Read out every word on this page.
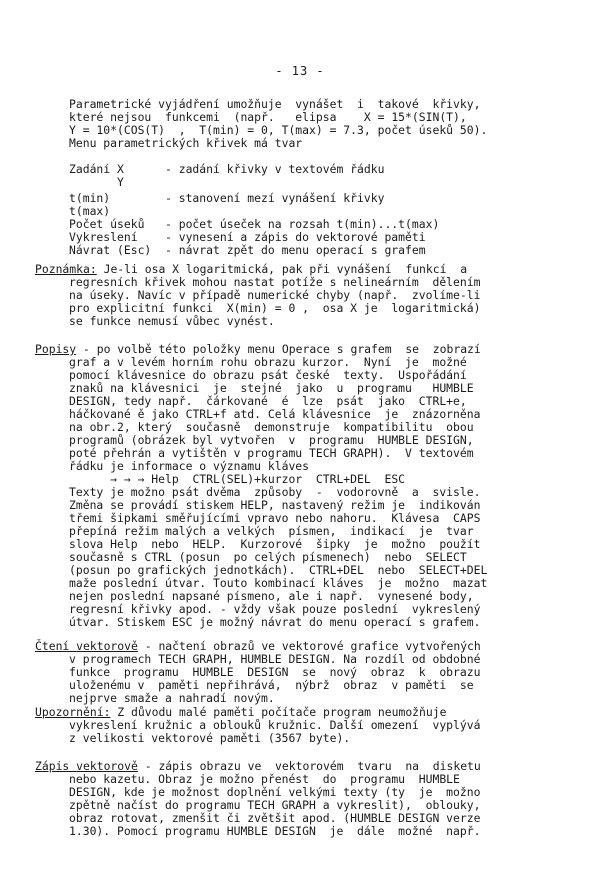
- 13 -
Parametrické vyjádření umožňuje  vynášet  i  takové  křivky,
které nejsou  funkcemi  (např.   elipsa    X = 15*(SIN(T),
Y = 10*(COS(T)  ,  T(min) = 0, T(max) = 7.3, počet úseků 50).
Menu parametrických křivek má tvar
Zadání X	- zadání křivky v textovém řádku
Y
t(min)	- stanovení mezí vynášení křivky
t(max)
Počet úseků - počet úseček na rozsah t(min)...t(max)
Vykreslení - vynesení a zápis do vektorové paměti
Návrat (Esc) - návrat zpět do menu operací s grafem
Poznámka: Je-li osa X logaritmická, pak při vynášení  funkcí  a
regresních křivek mohou nastat potíže s nelineárním  dělením
na úseky. Navíc v případě numerické chyby (např.  zvolíme-li
pro explicitní funkci  X(min) = 0 ,  osa X je  logaritmická)
se funkce nemusí vůbec vynést.
Popisy - po volbě této položky menu Operace s grafem  se  zobrazí
graf a v levém horním rohu obrazu kurzor.  Nyní  je  možné
pomocí klávesnice do obrazu psát české  texty.  Uspořádání
znaků na klávesnici  je  stejné  jako  u  programu   HUMBLE
DESIGN, tedy např.  čárkované  é  lze  psát  jako  CTRL+e,
háčkované ě jako CTRL+f atd. Celá klávesnice  je  znázorněna
na obr.2, který  současně  demonstruje  kompatibilitu  obou
programů (obrázek byl vytvořen  v  programu  HUMBLE DESIGN,
poté přehrán a vytištěn v programu TECH GRAPH).  V textovém
řádku je informace o významu kláves
→ → → Help  CTRL(SEL)+kurzor  CTRL+DEL  ESC
Texty je možno psát dvěma  způsoby  -  vodorovně  a  svisle.
Změna se provádí stiskem HELP, nastavený režim je  indikován
třemi šipkami směřujícími vpravo nebo nahoru.  Klávesa  CAPS
přepíná režim malých a velkých  písmen,  indikací  je  tvar
slova Help  nebo  HELP.  Kurzorové  šipky  je  možno  použít
současně s CTRL (posun  po celých písmenech)  nebo  SELECT
(posun po grafických jednotkách).  CTRL+DEL  nebo  SELECT+DEL
maže poslední útvar. Touto kombinací kláves  je  možno  mazat
nejen poslední napsané písmeno, ale i např.  vynesené body,
regresní křivky apod. - vždy však pouze poslední  vykreslený
útvar. Stiskem ESC je možný návrat do menu operací s grafem.
Čtení vektorově - načtení obrazů ve vektorové grafice vytvořených
v programech TECH GRAPH, HUMBLE DESIGN. Na rozdíl od obdobné
funkce  programu  HUMBLE  DESIGN  se  nový  obraz  k  obrazu
uloženému v  paměti nepřihrává,  nýbrž  obraz  v paměti  se
nejprve smaže a nahradí novým.
Upozornění: Z důvodu malé paměti počítače program neumožňuje
vykreslení kružnic a oblouků kružnic. Další omezení  vyplývá
z velikosti vektorové paměti (3567 byte).
Zápis vektorově - zápis obrazu ve  vektorovém  tvaru  na  disketu
nebo kazetu. Obraz je možno přenést  do  programu  HUMBLE
DESIGN, kde je možnost doplnění velkými texty (ty  je  možno
zpětně načíst do programu TECH GRAPH a vykreslit),  oblouky,
obraz rotovat, zmenšit či zvětšit apod. (HUMBLE DESIGN verze
1.30). Pomocí programu HUMBLE DESIGN  je  dále  možné  např.
